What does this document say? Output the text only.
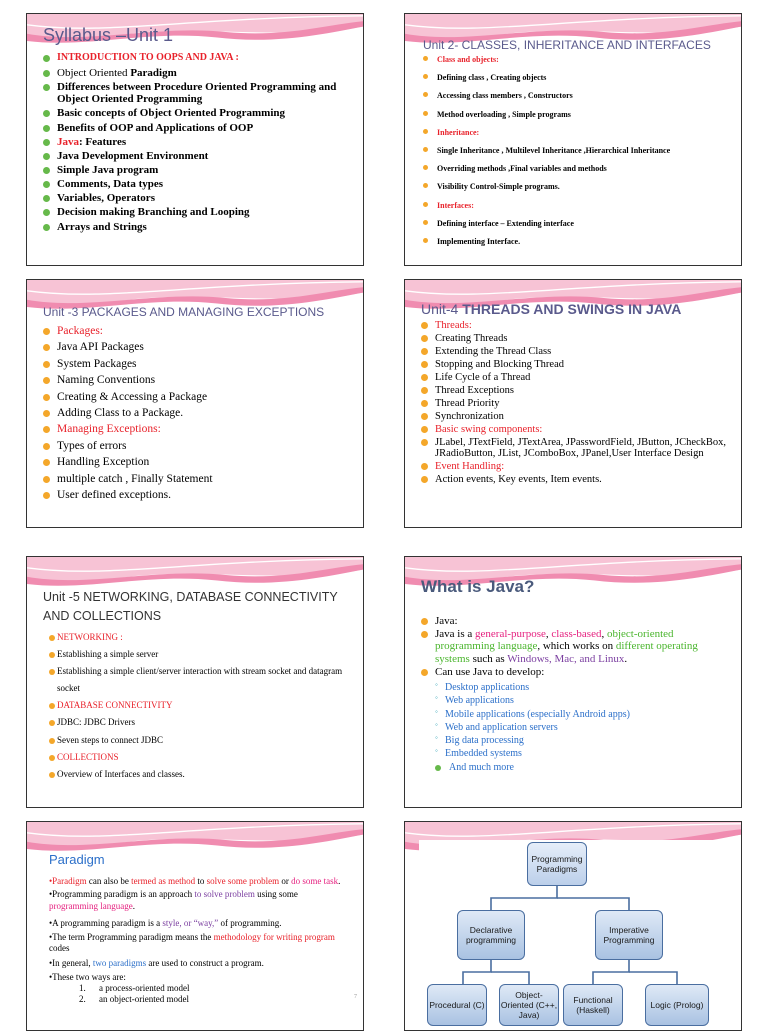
Syllabus –Unit 1
INTRODUCTION TO OOPS AND JAVA :
Object Oriented Paradigm
Differences between Procedure Oriented Programming and Object Oriented Programming
Basic concepts of Object Oriented Programming
Benefits of OOP and Applications of OOP
Java: Features
Java Development Environment
Simple Java program
Comments, Data types
Variables, Operators
Decision making Branching and Looping
Arrays and Strings
Unit 2- CLASSES, INHERITANCE AND INTERFACES
Class and objects:
Defining class , Creating objects
Accessing class members , Constructors
Method overloading , Simple programs
Inheritance:
Single Inheritance , Multilevel Inheritance ,Hierarchical Inheritance
Overriding methods ,Final variables and methods
Visibility Control-Simple programs.
Interfaces:
Defining interface – Extending interface
Implementing Interface.
Unit -3 PACKAGES AND MANAGING EXCEPTIONS
Packages:
Java API Packages
System Packages
Naming Conventions
Creating & Accessing a Package
Adding Class to a Package.
Managing Exceptions:
Types of errors
Handling Exception
multiple catch , Finally Statement
User defined exceptions.
Unit-4 THREADS AND SWINGS IN JAVA
Threads:
Creating Threads
Extending the Thread Class
Stopping and Blocking Thread
Life Cycle of a Thread
Thread Exceptions
Thread Priority
Synchronization
Basic swing components:
JLabel, JTextField, JTextArea, JPasswordField, JButton, JCheckBox, JRadioButton, JList, JComboBox, JPanel,User Interface Design
Event Handling:
Action events, Key events, Item events.
Unit -5 NETWORKING, DATABASE CONNECTIVITY AND COLLECTIONS
NETWORKING :
Establishing a simple server
Establishing a simple client/server interaction with stream socket and datagram socket
DATABASE CONNECTIVITY
JDBC: JDBC Drivers
Seven steps to connect JDBC
COLLECTIONS
Overview of Interfaces and classes.
What is Java?
Java:
Java is a general-purpose, class-based, object-oriented programming language, which works on different operating systems such as Windows, Mac, and Linux.
Can use Java to develop:
◦ Desktop applications
◦ Web applications
◦ Mobile applications (especially Android apps)
◦ Web and application servers
◦ Big data processing
◦ Embedded systems
And much more
Paradigm
•Paradigm can also be termed as method to solve some problem or do some task.
•Programming paradigm is an approach to solve problem using some programming language.
•A programming paradigm is a style, or “way,” of programming.
•The term Programming paradigm means the methodology for writing program codes
•In general, two paradigms are used to construct a program.
•These two ways are:
1. a process-oriented model
2. an object-oriented model	7
Programming Paradigms
Declarative programming
Imperative Programming
Procedural (C)
Object-Oriented (C++, Java)
Functional (Haskell)	Logic (Prolog)
